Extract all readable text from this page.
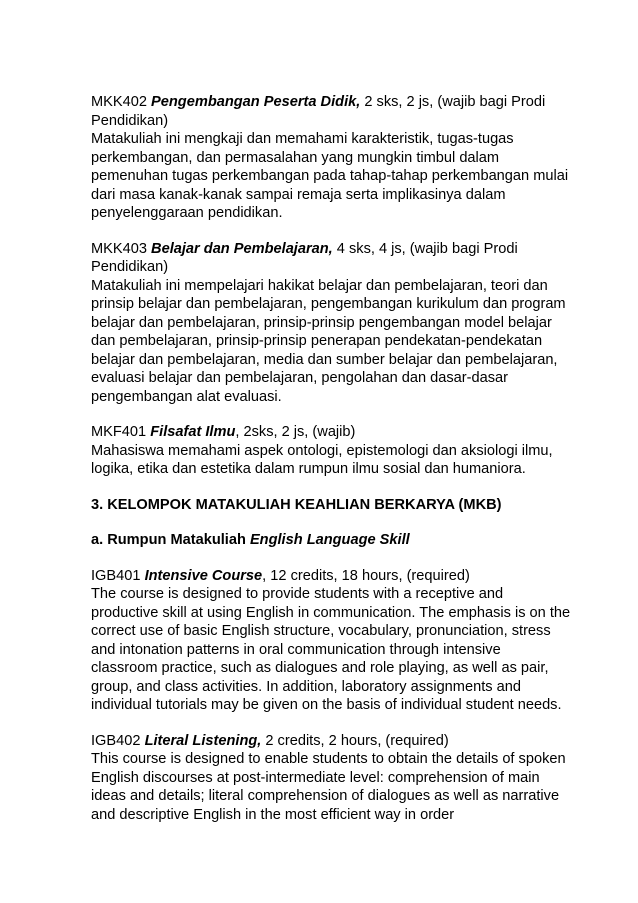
MKK402 Pengembangan Peserta Didik, 2 sks, 2 js, (wajib bagi Prodi Pendidikan)

Matakuliah ini mengkaji dan memahami karakteristik, tugas-tugas perkembangan, dan permasalahan yang mungkin timbul dalam pemenuhan tugas perkembangan pada tahap-tahap perkembangan mulai dari masa kanak-kanak sampai remaja serta implikasinya dalam penyelenggaraan pendidikan.

MKK403 Belajar dan Pembelajaran, 4 sks, 4 js, (wajib bagi Prodi Pendidikan)

Matakuliah ini mempelajari hakikat belajar dan pembelajaran, teori dan prinsip belajar dan pembelajaran, pengembangan kurikulum dan program belajar dan pembelajaran, prinsip-prinsip pengembangan model belajar dan pembelajaran, prinsip-prinsip penerapan pendekatan-pendekatan belajar dan pembelajaran, media dan sumber belajar dan pembelajaran, evaluasi belajar dan pembelajaran, pengolahan dan dasar-dasar pengembangan alat evaluasi.

MKF401 Filsafat Ilmu, 2sks, 2 js, (wajib)

Mahasiswa memahami aspek ontologi, epistemologi dan aksiologi ilmu, logika, etika dan estetika dalam rumpun ilmu sosial dan humaniora.

3. KELOMPOK MATAKULIAH KEAHLIAN BERKARYA (MKB)

a. Rumpun Matakuliah English Language Skill

IGB401 Intensive Course, 12 credits, 18 hours, (required)

The course is designed to provide students with a receptive and productive skill at using English in communication. The emphasis is on the correct use of basic English structure, vocabulary, pronunciation, stress and intonation patterns in oral communication through intensive classroom practice, such as dialogues and role playing, as well as pair, group, and class activities. In addition, laboratory assignments and individual tutorials may be given on the basis of individual student needs.

IGB402 Literal Listening, 2 credits, 2 hours, (required)

This course is designed to enable students to obtain the details of spoken English discourses at post-intermediate level: comprehension of main ideas and details; literal comprehension of dialogues as well as narrative and descriptive English in the most efficient way in order
